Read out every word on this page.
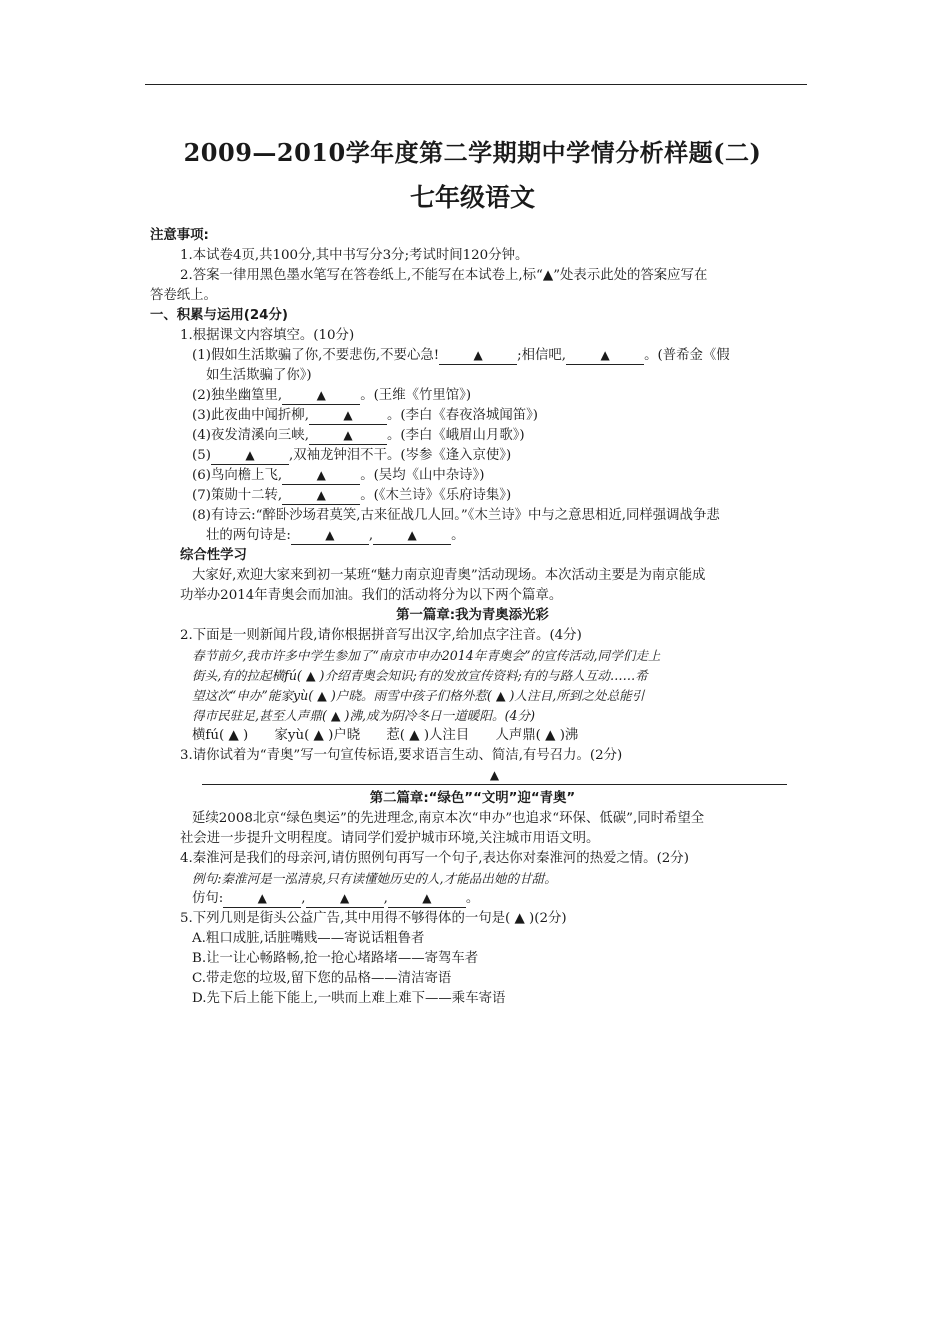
2009—2010学年度第二学期期中学情分析样题(二)
七年级语文
注意事项:
1.本试卷4页,共100分,其中书写分3分;考试时间120分钟。
2.答案一律用黑色墨水笔写在答卷纸上,不能写在本试卷上,标“▲”处表示此处的答案应写在
答卷纸上。
一、积累与运用(24分)
1.根据课文内容填空。(10分)
(1)假如生活欺骗了你,不要悲伤,不要心急!	▲	;相信吧,	▲	。(普希金《假
如生活欺骗了你》)
(2)独坐幽篁里,	▲	。(王维《竹里馆》)
(3)此夜曲中闻折柳,	▲	。(李白《春夜洛城闻笛》)
(4)夜发清溪向三峡,	▲	。(李白《峨眉山月歌》)
(5)	▲	,双袖龙钟泪不干。(岑参《逢入京使》)
(6)鸟向檐上飞,	▲	。(吴均《山中杂诗》)
(7)策勋十二转,	▲	。(《木兰诗》《乐府诗集》)
(8)有诗云:“醉卧沙场君莫笑,古来征战几人回。”《木兰诗》中与之意思相近,同样强调战争悲
壮的两句诗是:	▲	,	▲	。
综合性学习
大家好,欢迎大家来到初一某班“魅力南京迎青奥”活动现场。本次活动主要是为南京能成
功举办2014年青奥会而加油。我们的活动将分为以下两个篇章。
第一篇章:我为青奥添光彩
2.下面是一则新闻片段,请你根据拼音写出汉字,给加点字注音。(4分)
春节前夕,我市许多中学生参加了“南京市申办2014年青奥会”的宣传活动,同学们走上
街头,有的拉起横fú( ▲ )介绍青奥会知识;有的发放宣传资料;有的与路人互动……希
望这次“申办”能家yù( ▲ )户晓。雨雪中孩子们格外惹( ▲ )人注目,所到之处总能引
得市民驻足,甚至人声鼎( ▲ )沸,成为阴冷冬日一道暖阳。(4分)
横fú( ▲ ) 家yù( ▲ )户晓 惹( ▲ )人注目 人声鼎( ▲ )沸
3.请你试着为“青奥”写一句宣传标语,要求语言生动、简洁,有号召力。(2分)
▲
第二篇章:“绿色”“文明”迎“青奥”
延续2008北京“绿色奥运”的先进理念,南京本次“申办”也追求“环保、低碳”,同时希望全
社会进一步提升文明程度。请同学们爱护城市环境,关注城市用语文明。
4.秦淮河是我们的母亲河,请仿照例句再写一个句子,表达你对秦淮河的热爱之情。(2分)
例句:秦淮河是一泓清泉,只有读懂她历史的人,才能品出她的甘甜。
仿句:	▲	,	▲	,	▲	。
5.下列几则是街头公益广告,其中用得不够得体的一句是( ▲ )(2分)
A.粗口成脏,话脏嘴贱——寄说话粗鲁者
B.让一让心畅路畅,抢一抢心堵路堵——寄驾车者
C.带走您的垃圾,留下您的品格——清洁寄语
D.先下后上能下能上,一哄而上难上难下——乘车寄语
